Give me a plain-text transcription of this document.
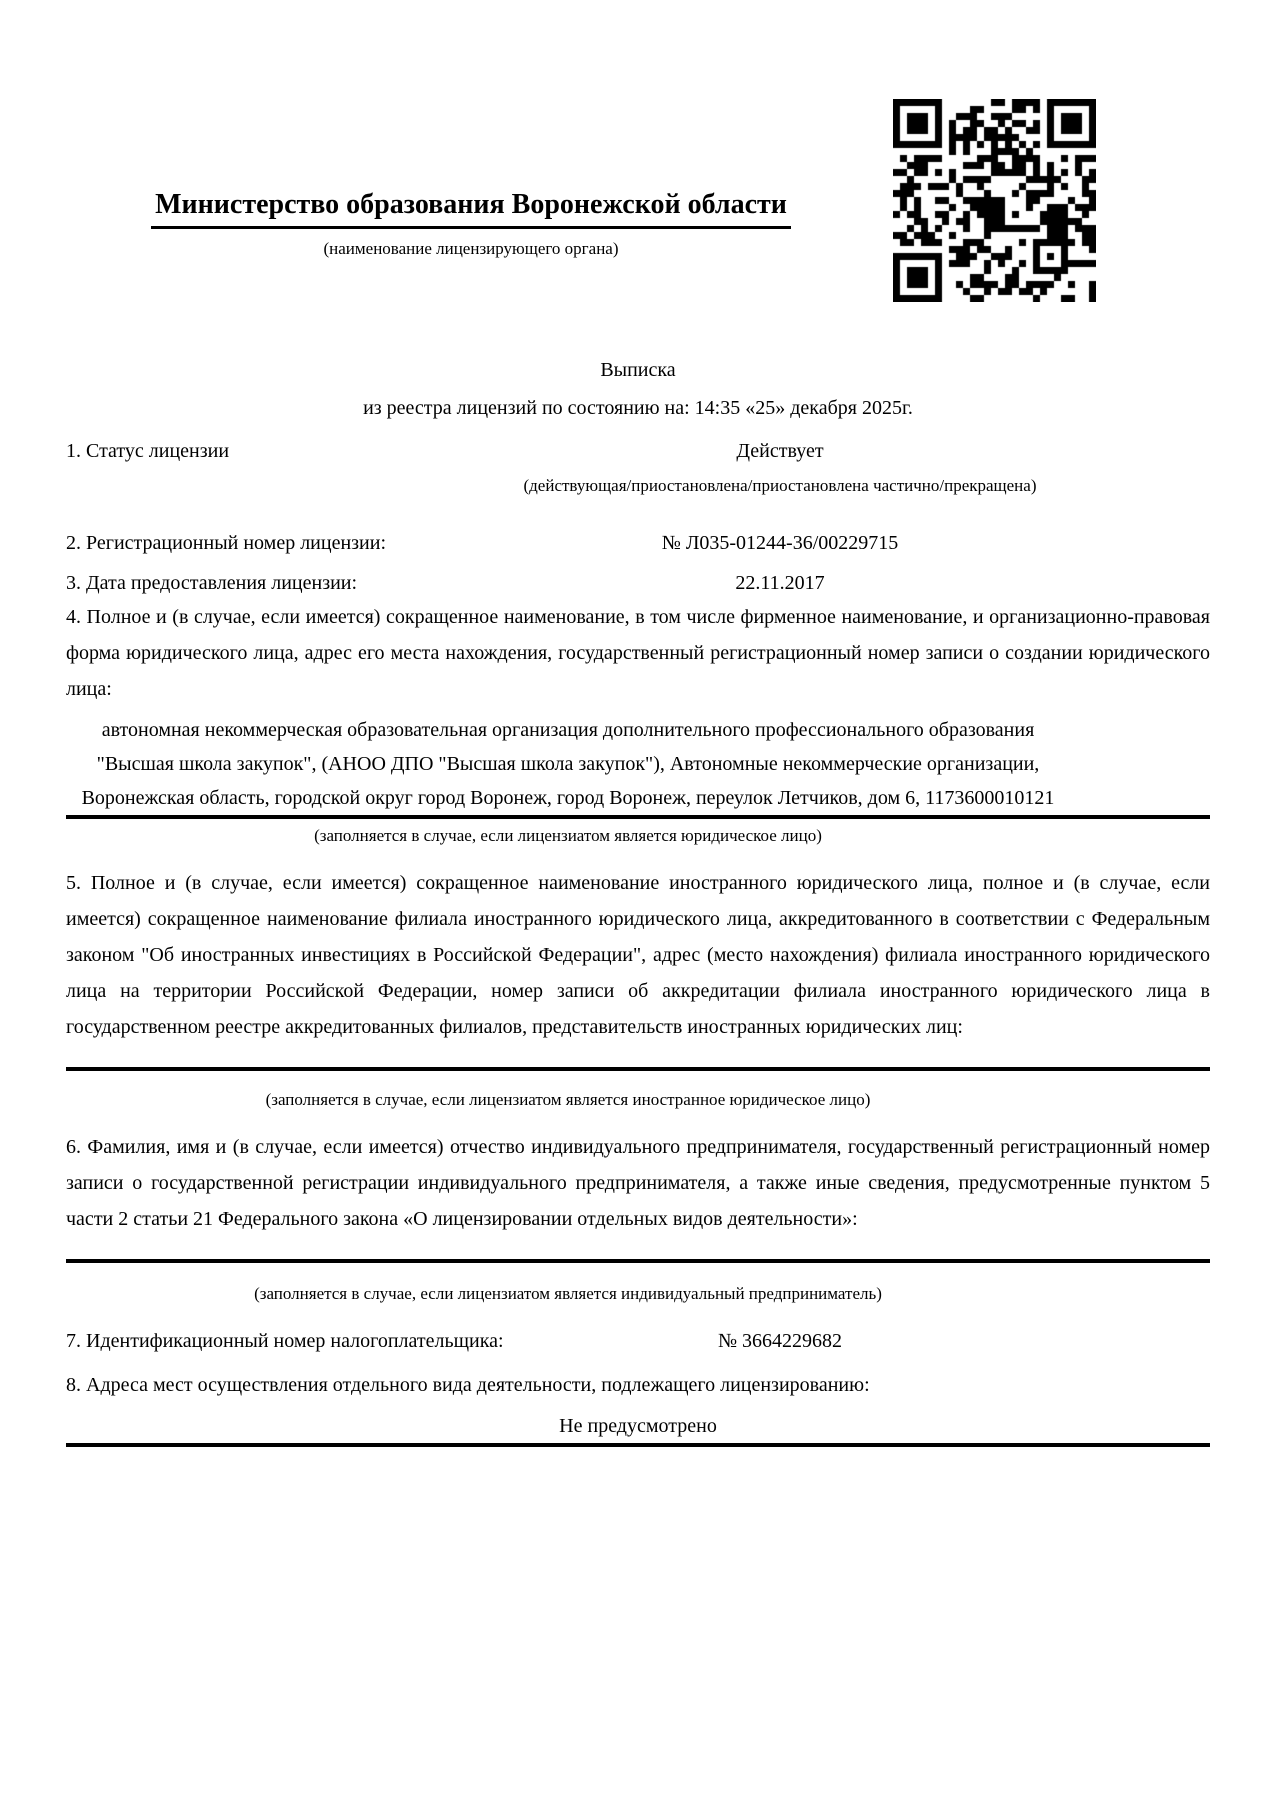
Министерство образования Воронежской области
(наименование лицензирующего органа)
Выписка
из реестра лицензий по состоянию на: 14:35 «25» декабря 2025г.
1. Статус лицензии	Действует
(действующая/приостановлена/приостановлена частично/прекращена)
2. Регистрационный номер лицензии:	№ Л035-01244-36/00229715
3. Дата предоставления лицензии:	22.11.2017
4. Полное и (в случае, если имеется) сокращенное наименование, в том числе фирменное наименование, и организационно-правовая форма юридического лица, адрес его места нахождения, государственный регистрационный номер записи о создании юридического лица:
автономная некоммерческая образовательная организация дополнительного профессионального образования "Высшая школа закупок", (АНОО ДПО "Высшая школа закупок"), Автономные некоммерческие организации, Воронежская область, городской округ город Воронеж, город Воронеж, переулок Летчиков, дом 6, 1173600010121
(заполняется в случае, если лицензиатом является юридическое лицо)
5. Полное и (в случае, если имеется) сокращенное наименование иностранного юридического лица, полное и (в случае, если имеется) сокращенное наименование филиала иностранного юридического лица, аккредитованного в соответствии с Федеральным законом "Об иностранных инвестициях в Российской Федерации", адрес (место нахождения) филиала иностранного юридического лица на территории Российской Федерации, номер записи об аккредитации филиала иностранного юридического лица в государственном реестре аккредитованных филиалов, представительств иностранных юридических лиц:
(заполняется в случае, если лицензиатом является иностранное юридическое лицо)
6. Фамилия, имя и (в случае, если имеется) отчество индивидуального предпринимателя, государственный регистрационный номер записи о государственной регистрации индивидуального предпринимателя, а также иные сведения, предусмотренные пунктом 5 части 2 статьи 21 Федерального закона «О лицензировании отдельных видов деятельности»:
(заполняется в случае, если лицензиатом является индивидуальный предприниматель)
7. Идентификационный номер налогоплательщика:	№ 3664229682
8. Адреса мест осуществления отдельного вида деятельности, подлежащего лицензированию:
Не предусмотрено
